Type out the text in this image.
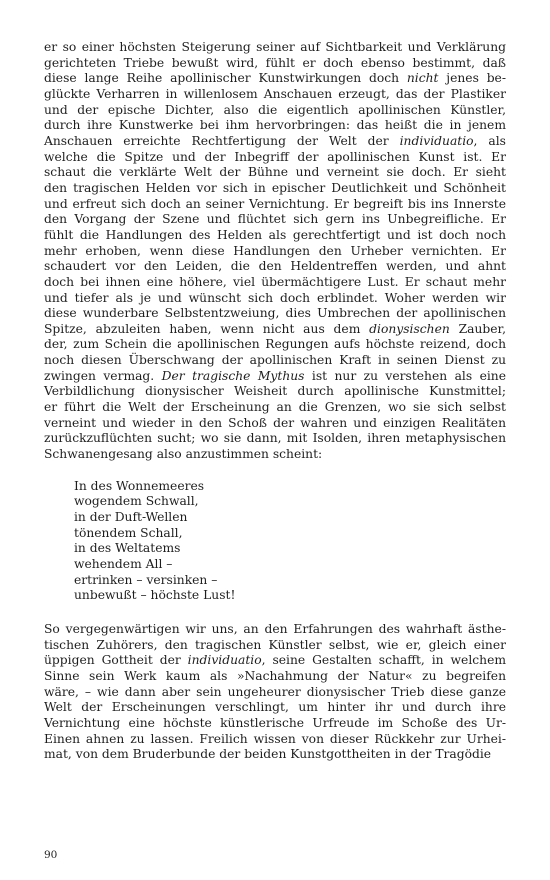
er so einer höchsten Steigerung seiner auf Sichtbarkeit und Verklärung
gerichteten Triebe bewußt wird, fühlt er doch ebenso bestimmt, daß
diese lange Reihe apollinischer Kunstwirkungen doch nicht jenes be-
glückte Verharren in willenlosem Anschauen erzeugt, das der Plastiker
und der epische Dichter, also die eigentlich apollinischen Künstler,
durch ihre Kunstwerke bei ihm hervorbringen: das heißt die in jenem
Anschauen erreichte Rechtfertigung der Welt der individuatio, als
welche die Spitze und der Inbegriff der apollinischen Kunst ist. Er
schaut die verklärte Welt der Bühne und verneint sie doch. Er sieht
den tragischen Helden vor sich in epischer Deutlichkeit und Schönheit
und erfreut sich doch an seiner Vernichtung. Er begreift bis ins Innerste
den Vorgang der Szene und flüchtet sich gern ins Unbegreifliche. Er
fühlt die Handlungen des Helden als gerechtfertigt und ist doch noch
mehr erhoben, wenn diese Handlungen den Urheber vernichten. Er
schaudert vor den Leiden, die den Heldentreffen werden, und ahnt
doch bei ihnen eine höhere, viel übermächtigere Lust. Er schaut mehr
und tiefer als je und wünscht sich doch erblindet. Woher werden wir
diese wunderbare Selbstentzweiung, dies Umbrechen der apollinischen
Spitze, abzuleiten haben, wenn nicht aus dem dionysischen Zauber,
der, zum Schein die apollinischen Regungen aufs höchste reizend, doch
noch diesen Überschwang der apollinischen Kraft in seinen Dienst zu
zwingen vermag. Der tragische Mythus ist nur zu verstehen als eine
Verbildlichung dionysischer Weisheit durch apollinische Kunstmittel;
er führt die Welt der Erscheinung an die Grenzen, wo sie sich selbst
verneint und wieder in den Schoß der wahren und einzigen Realitäten
zurückzuflüchten sucht; wo sie dann, mit Isolden, ihren metaphysischen
Schwanengesang also anzustimmen scheint:

In des Wonnemeeres
wogendem Schwall,
in der Duft-Wellen
tönendem Schall,
in des Weltatems
wehendem All –
ertrinken – versinken –
unbewußt – höchste Lust!

So vergegenwärtigen wir uns, an den Erfahrungen des wahrhaft ästhe-
tischen Zuhörers, den tragischen Künstler selbst, wie er, gleich einer
üppigen Gottheit der individuatio, seine Gestalten schafft, in welchem
Sinne sein Werk kaum als »Nachahmung der Natur« zu begreifen
wäre, – wie dann aber sein ungeheurer dionysischer Trieb diese ganze
Welt der Erscheinungen verschlingt, um hinter ihr und durch ihre
Vernichtung eine höchste künstlerische Urfreude im Schoße des Ur-
Einen ahnen zu lassen. Freilich wissen von dieser Rückkehr zur Urhei-
mat, von dem Bruderbunde der beiden Kunstgottheiten in der Tragödie

90
